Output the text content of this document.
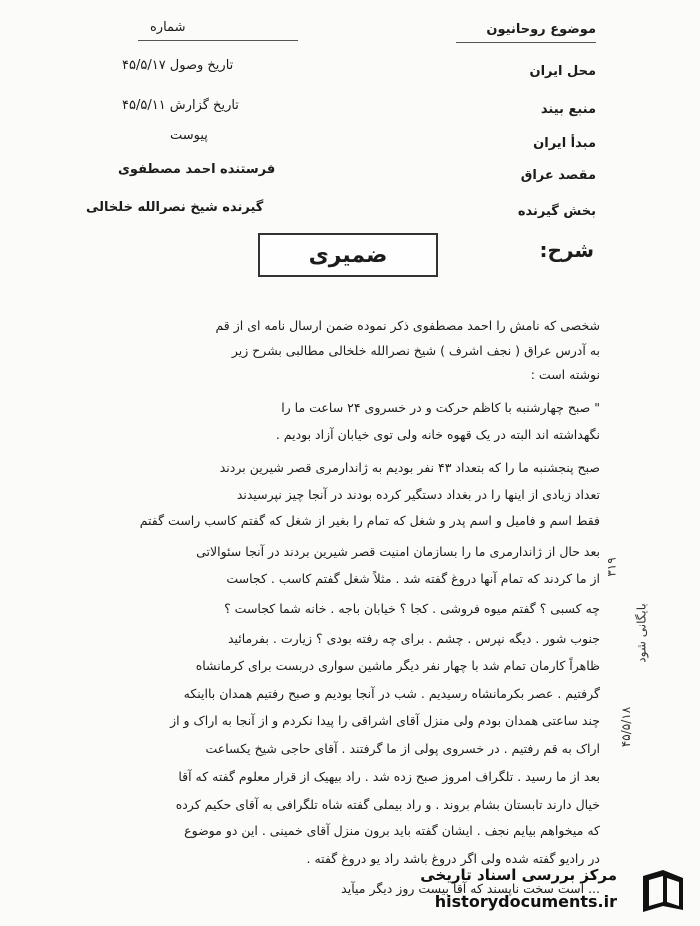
شماره
تاریخ وصول ۴۵/۵/۱۷
تاریخ گزارش ۴۵/۵/۱۱
پیوست
فرستنده احمد مصطفوی
گیرنده شیخ نصرالله خلخالی
موضوع روحانیون
محل ایران
منبع بیند
مبدأ ایران
مقصد عراق
بخش گیرنده
شرح:
ضمیری
شخصی که نامش را احمد مصطفوی ذکر نموده ضمن ارسال نامه ای از قم
به آدرس عراق ( نجف اشرف ) شیخ نصرالله خلخالی مطالبی بشرح زیر
نوشته است :
" صبح چهارشنبه با کاظم حرکت و در خسروی ۲۴ ساعت ما را
نگهداشته اند البته در یک قهوه خانه ولی توی خیابان آزاد بودیم .
صبح پنجشنبه ما را که بتعداد ۴۳ نفر بودیم به ژاندارمری قصر شیرین بردند
تعداد زیادی از اینها را در بغداد دستگیر کرده بودند در آنجا چیز نپرسیدند
فقط اسم و فامیل و اسم پدر و شغل که تمام را بغیر از شغل که گفتم کاسب راست گفتم
بعد حال از ژاندارمری ما را بسازمان امنیت قصر شیرین بردند در آنجا سئوالاتی
از ما کردند که تمام آنها دروغ گفته شد . مثلاً شغل گفتم کاسب . کجاست
چه کسبی ؟ گفتم میوه فروشی . کجا ؟ خیابان باجه . خانه شما کجاست ؟
جنوب شور . دیگه نپرس . چشم . برای چه رفته بودی ؟ زیارت . بفرمائید
ظاهراً کارمان تمام شد با چهار نفر دیگر ماشین سواری دربست برای کرمانشاه
گرفتیم . عصر بکرمانشاه رسیدیم . شب در آنجا بودیم و صبح رفتیم همدان بااینکه
چند ساعتی همدان بودم ولی منزل آقای اشراقی را پیدا نکردم و از آنجا به اراک و از
اراک به قم رفتیم . در خسروی پولی از ما گرفتند . آقای حاجی شیخ یکساعت
بعد از ما رسید . تلگراف امروز صبح زده شد . راد بیهیک از قرار معلوم گفته که آقا
خیال دارند تابستان بشام بروند . و راد بیملی گفته شاه تلگرافی به آقای حکیم کرده
که میخواهم بیایم نجف . ایشان گفته باید برون منزل آقای خمینی . این دو موضوع
در رادیو گفته شده ولی اگر دروغ باشد راد یو دروغ گفته .
... است سخت ناپسند که آقا بیست روز دیگر میآید
۳۱۹
بایگانی شود
۴۵/۵/۱۸
مرکز بررسی اسناد تاریخی
historydocuments.ir
